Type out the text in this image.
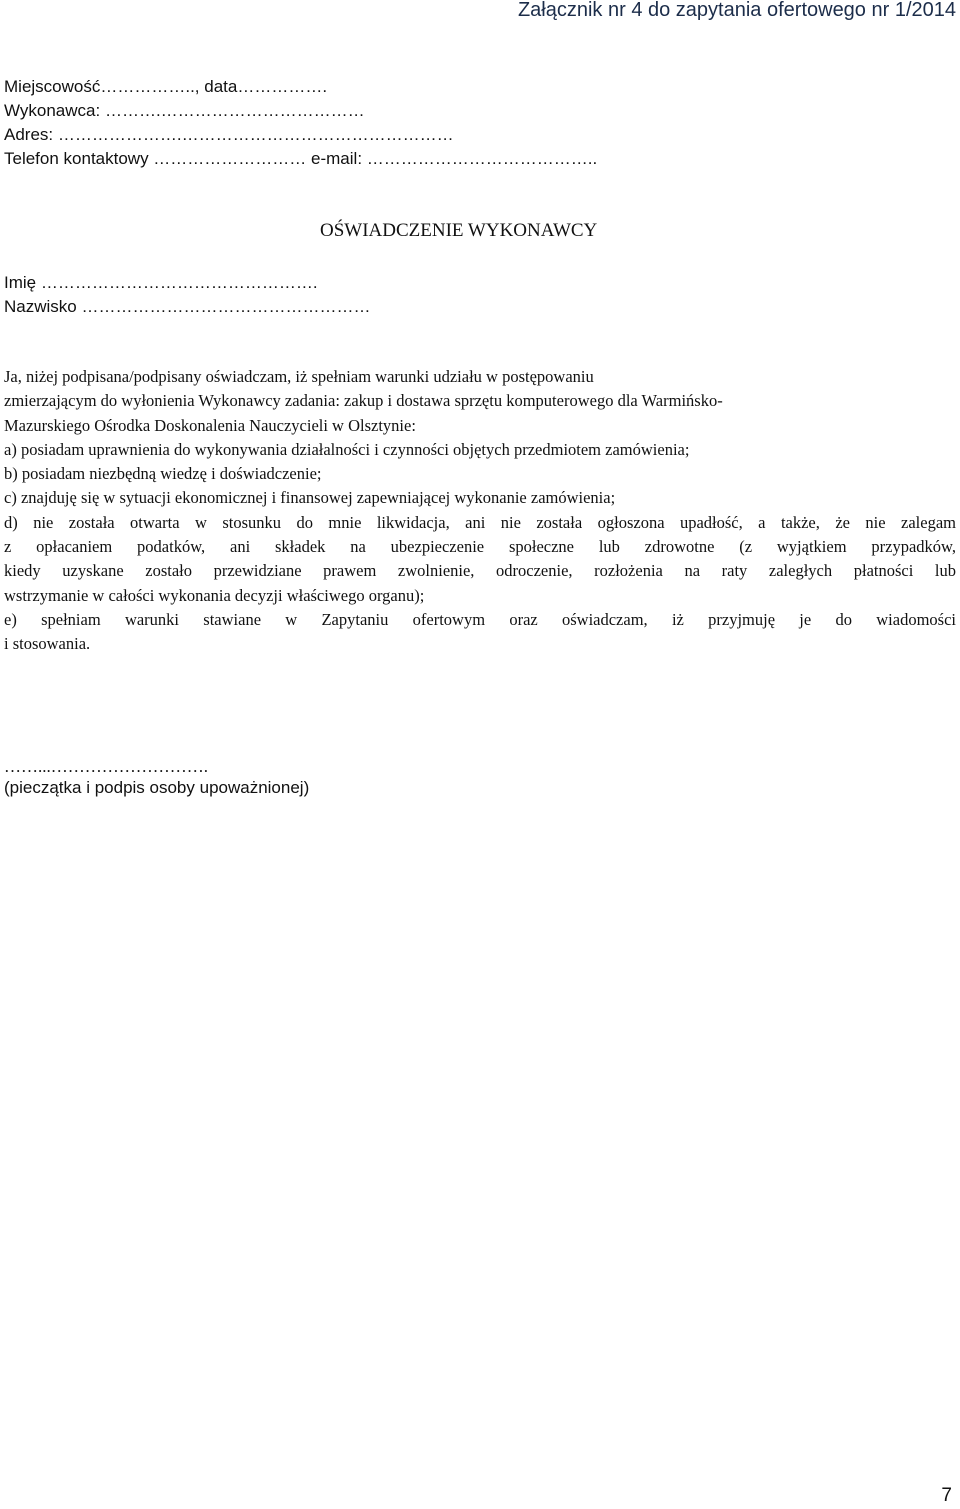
Załącznik nr 4 do zapytania ofertowego nr 1/2014
Miejscowość…………….., data…………….
Wykonawca: ……….………………………………
Adres: ………………….…………………………………………
Telefon kontaktowy ……………………… e-mail: …………………………………..
OŚWIADCZENIE WYKONAWCY
Imię ………………………………………….
Nazwisko ……………………………………………
Ja, niżej podpisana/podpisany oświadczam, iż spełniam warunki udziału w postępowaniu
zmierzającym do wyłonienia Wykonawcy zadania: zakup i dostawa sprzętu komputerowego dla Warmińsko-
Mazurskiego Ośrodka Doskonalenia Nauczycieli w Olsztynie:
a) posiadam uprawnienia do wykonywania działalności i czynności objętych przedmiotem zamówienia;
b) posiadam niezbędną wiedzę i doświadczenie;
c) znajduję się w sytuacji ekonomicznej i finansowej zapewniającej wykonanie zamówienia;
d) nie została otwarta w stosunku do mnie likwidacja, ani nie została ogłoszona upadłość, a także, że nie zalegam
z opłacaniem podatków, ani składek na ubezpieczenie społeczne lub zdrowotne (z wyjątkiem przypadków,
kiedy uzyskane zostało przewidziane prawem zwolnienie, odroczenie, rozłożenia na raty zaległych płatności lub
wstrzymanie w całości wykonania decyzji właściwego organu);
e) spełniam warunki stawiane w Zapytaniu ofertowym oraz oświadczam, iż przyjmuję je do wiadomości
i stosowania.
……...……………………….
(pieczątka i podpis osoby upoważnionej)
7
